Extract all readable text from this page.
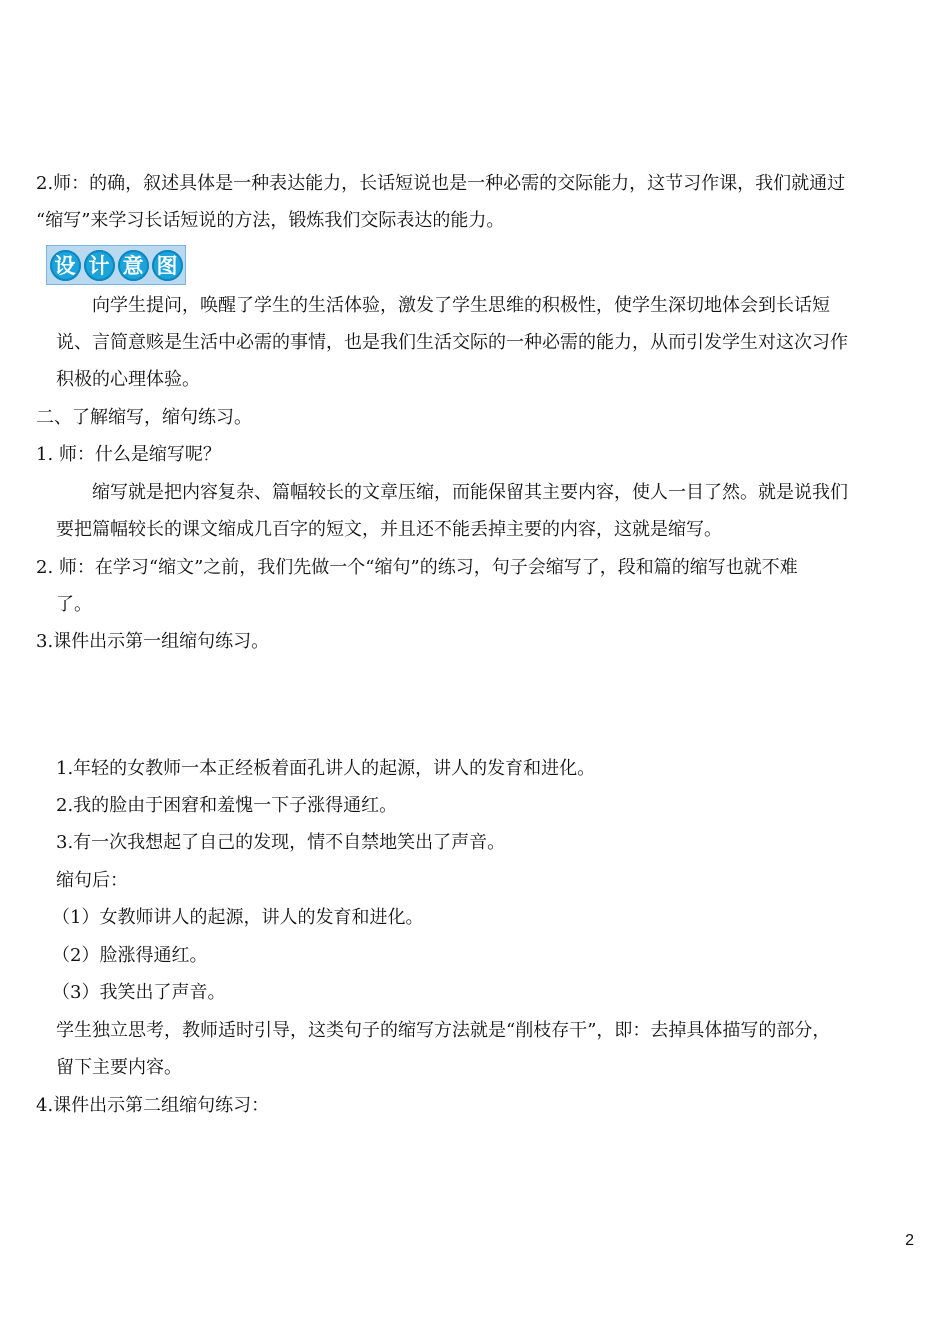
2.师：的确，叙述具体是一种表达能力，长话短说也是一种必需的交际能力，这节习作课，我们就通过
“缩写”来学习长话短说的方法，锻炼我们交际表达的能力。
设 计 意 图
向学生提问，唤醒了学生的生活体验，激发了学生思维的积极性，使学生深切地体会到长话短
说、言简意赅是生活中必需的事情，也是我们生活交际的一种必需的能力，从而引发学生对这次习作
积极的心理体验。
二、了解缩写，缩句练习。
1. 师：什么是缩写呢？
缩写就是把内容复杂、篇幅较长的文章压缩，而能保留其主要内容，使人一目了然。就是说我们
要把篇幅较长的课文缩成几百字的短文，并且还不能丢掉主要的内容，这就是缩写。
2. 师：在学习“缩文”之前，我们先做一个“缩句”的练习，句子会缩写了，段和篇的缩写也就不难
了。
3.课件出示第一组缩句练习。
1.年轻的女教师一本正经板着面孔讲人的起源，讲人的发育和进化。
2.我的脸由于困窘和羞愧一下子涨得通红。
3.有一次我想起了自己的发现，情不自禁地笑出了声音。
缩句后：
（1）女教师讲人的起源，讲人的发育和进化。
（2）脸涨得通红。
（3）我笑出了声音。
学生独立思考，教师适时引导，这类句子的缩写方法就是“削枝存干”，即：去掉具体描写的部分，
留下主要内容。
4.课件出示第二组缩句练习：
2
